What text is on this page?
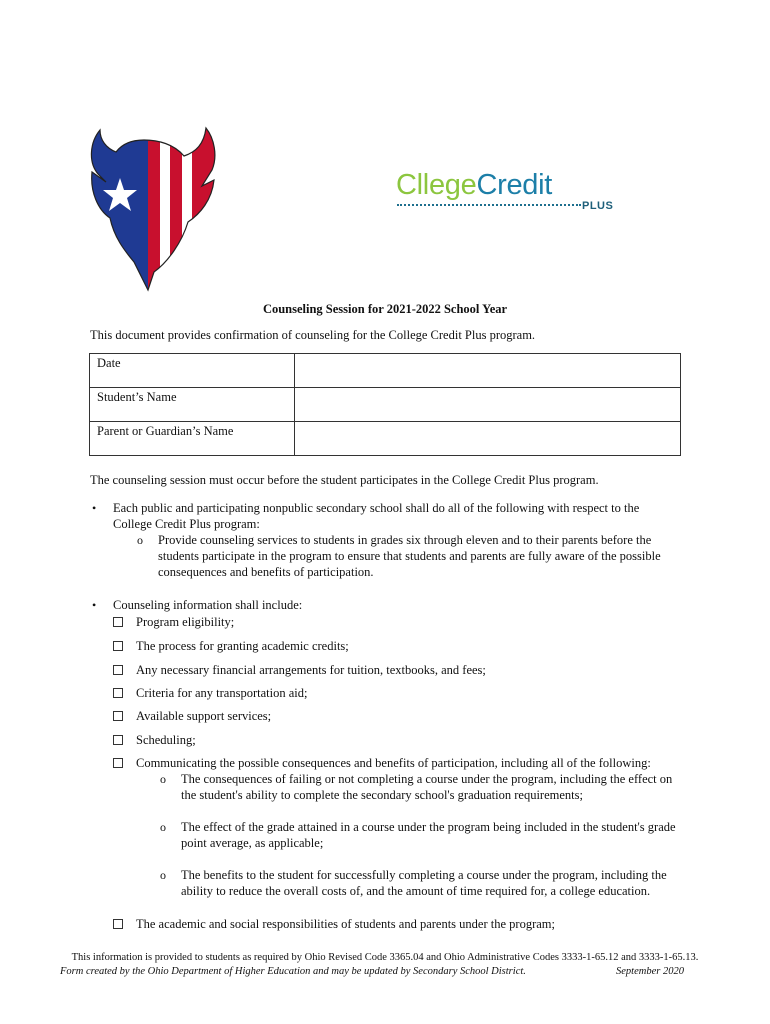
CllegeCredit
PLUS
Counseling Session for 2021-2022 School Year
This document provides confirmation of counseling for the College Credit Plus program.
Date	
Student’s Name	
Parent or Guardian’s Name	
The counseling session must occur before the student participates in the College Credit Plus program.
• Each public and participating nonpublic secondary school shall do all of the following with respect to the
College Credit Plus program:
o Provide counseling services to students in grades six through eleven and to their parents before the
students participate in the program to ensure that students and parents are fully aware of the possible
consequences and benefits of participation.
• Counseling information shall include:
Program eligibility;
The process for granting academic credits;
Any necessary financial arrangements for tuition, textbooks, and fees;
Criteria for any transportation aid;
Available support services;
Scheduling;
Communicating the possible consequences and benefits of participation, including all of the following:
o The consequences of failing or not completing a course under the program, including the effect on
the student's ability to complete the secondary school's graduation requirements;
o The effect of the grade attained in a course under the program being included in the student's grade
point average, as applicable;
o The benefits to the student for successfully completing a course under the program, including the
ability to reduce the overall costs of, and the amount of time required for, a college education.
The academic and social responsibilities of students and parents under the program;
This information is provided to students as required by Ohio Revised Code 3365.04 and Ohio Administrative Codes 3333-1-65.12 and 3333-1-65.13.
Form created by the Ohio Department of Higher Education and may be updated by Secondary School District.	September 2020
